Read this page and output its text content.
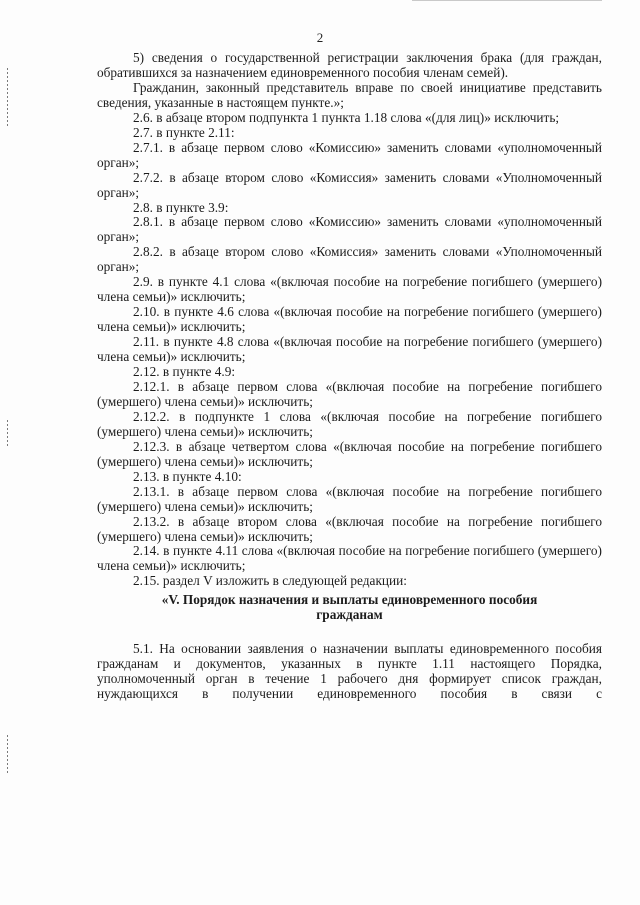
2

5) сведения о государственной регистрации заключения брака (для граждан, обратившихся за назначением единовременного пособия членам семей).

Гражданин, законный представитель вправе по своей инициативе представить сведения, указанные в настоящем пункте.»;

2.6. в абзаце втором подпункта 1 пункта 1.18 слова «(для лиц)» исключить;

2.7. в пункте 2.11:

2.7.1. в абзаце первом слово «Комиссию» заменить словами «уполномоченный орган»;

2.7.2. в абзаце втором слово «Комиссия» заменить словами «Уполномоченный орган»;

2.8. в пункте 3.9:

2.8.1. в абзаце первом слово «Комиссию» заменить словами «уполномоченный орган»;

2.8.2. в абзаце втором слово «Комиссия» заменить словами «Уполномоченный орган»;

2.9. в пункте 4.1 слова «(включая пособие на погребение погибшего (умершего) члена семьи)» исключить;

2.10. в пункте 4.6 слова «(включая пособие на погребение погибшего (умершего) члена семьи)» исключить;

2.11. в пункте 4.8 слова «(включая пособие на погребение погибшего (умершего) члена семьи)» исключить;

2.12. в пункте 4.9:

2.12.1. в абзаце первом слова «(включая пособие на погребение погибшего (умершего) члена семьи)» исключить;

2.12.2. в подпункте 1 слова «(включая пособие на погребение погибшего (умершего) члена семьи)» исключить;

2.12.3. в абзаце четвертом слова «(включая пособие на погребение погибшего (умершего) члена семьи)» исключить;

2.13. в пункте 4.10:

2.13.1. в абзаце первом слова «(включая пособие на погребение погибшего (умершего) члена семьи)» исключить;

2.13.2. в абзаце втором слова «(включая пособие на погребение погибшего (умершего) члена семьи)» исключить;

2.14. в пункте 4.11 слова «(включая пособие на погребение погибшего (умершего) члена семьи)» исключить;

2.15. раздел V изложить в следующей редакции:

«V. Порядок назначения и выплаты единовременного пособия
гражданам

5.1. На основании заявления о назначении выплаты единовременного пособия гражданам и документов, указанных в пункте 1.11 настоящего Порядка, уполномоченный орган в течение 1 рабочего дня формирует список граждан, нуждающихся в получении единовременного пособия в связи с
